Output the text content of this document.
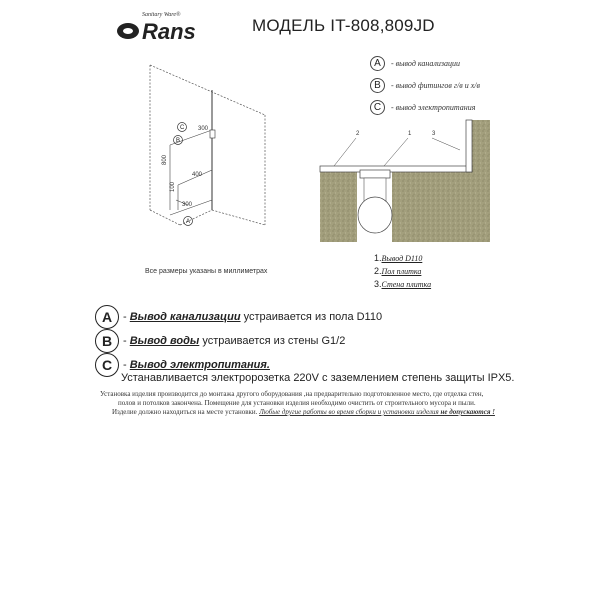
Sanitary Ware®
Rans	МОДЕЛЬ IT-808,809JD
A	- вывод канализации
B	- вывод фитингов г/в и х/в
C	- вывод электропитания
300
800
400
100
300
C
B
A
Все размеры указаны в миллиметрах
2	1	3
1.Вывод D110
2.Пол плитка
3.Стена плитка
A - Вывод канализации устраивается из пола D110
B - Вывод воды устраивается из стены G1/2
C - Вывод электропитания.
Устанавливается электророзетка 220V с заземлением степень защиты IPX5.
Установка изделия производится до монтажа другого оборудования ,на предварительно подготовленное место, где отделка стен,
полов и потолков закончена. Помещение для установки изделия необходимо очистить от строительного мусора и пыли.
Изделие должно находиться на месте установки. Любые другие работы во время сборки и установки изделия не допускаются !
